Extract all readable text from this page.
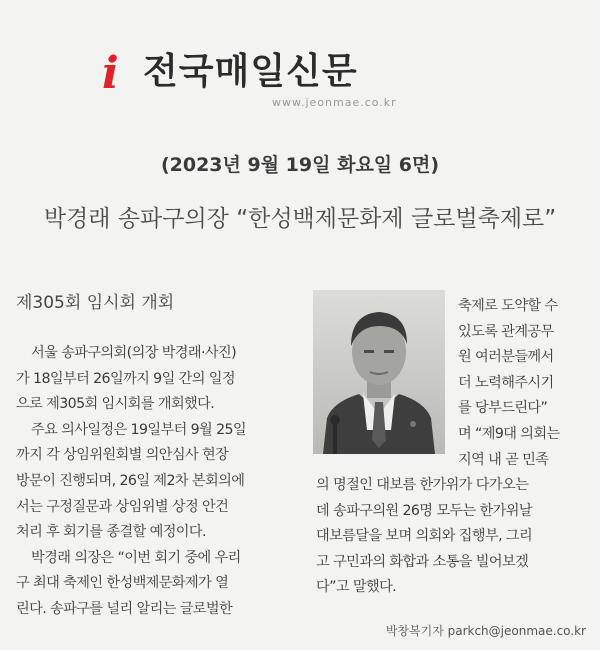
i 전국매일신문
www.jeonmae.co.kr
(2023년 9월 19일 화요일 6면)
박경래 송파구의장 “한성백제문화제 글로벌축제로”
제305회 임시회 개회
서울 송파구의회(의장 박경래·사진)
가 18일부터 26일까지 9일 간의 일정
으로 제305회 임시회를 개회했다.
주요 의사일정은 19일부터 9월 25일
까지 각 상임위원회별 의안심사 현장
방문이 진행되며, 26일 제2차 본회의에
서는 구정질문과 상임위별 상정 안건
처리 후 회기를 종결할 예정이다.
박경래 의장은 “이번 회기 중에 우리
구 최대 축제인 한성백제문화제가 열
린다. 송파구를 널리 알리는 글로벌한
축제로 도약할 수
있도록 관계공무
원 여러분들께서
더 노력해주시기
를 당부드린다”
며 “제9대 의회는
지역 내 곧 민족
의 명절인 대보름 한가위가 다가오는
데 송파구의원 26명 모두는 한가위날
대보름달을 보며 의회와 집행부, 그리
고 구민과의 화합과 소통을 빌어보겠
다”고 말했다.
박창복기자 parkch@jeonmae.co.kr
